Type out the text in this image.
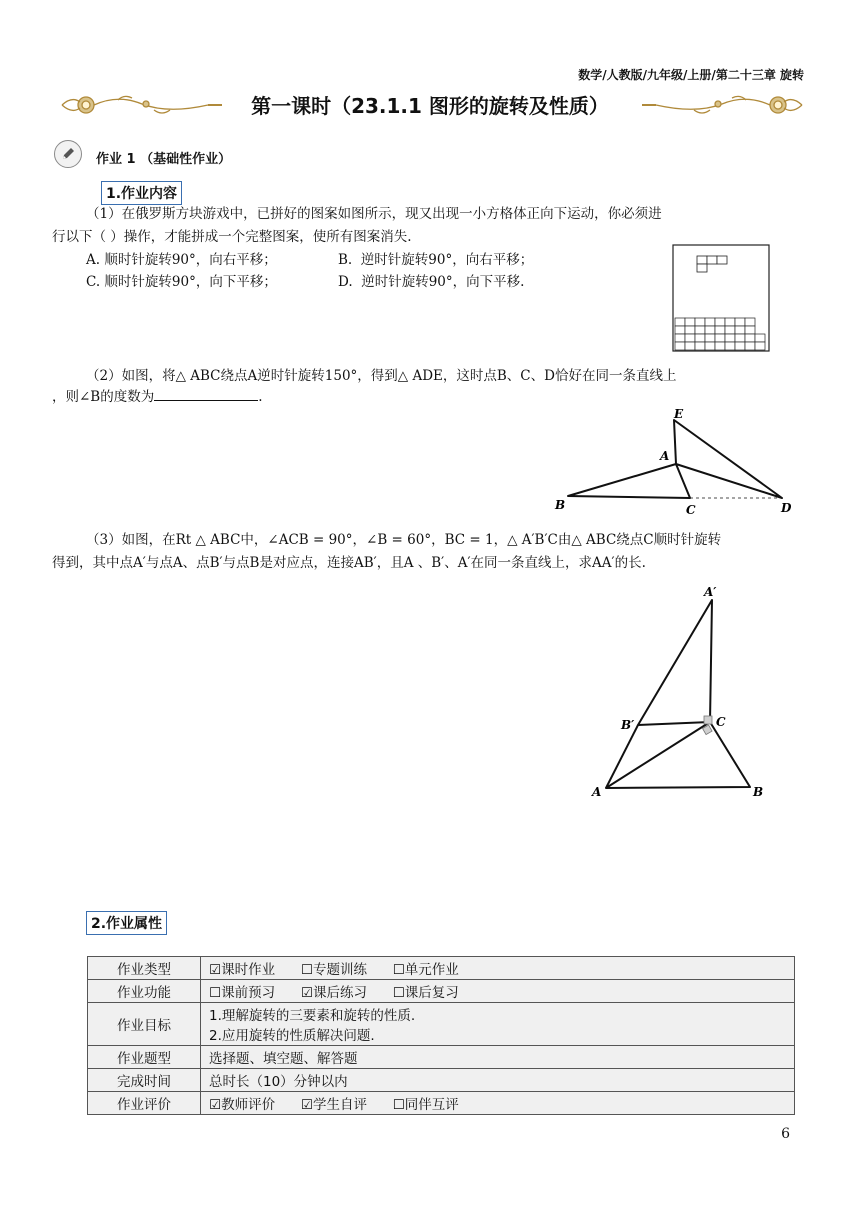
数学/人教版/九年级/上册/第二十三章 旋转
第一课时（23.1.1 图形的旋转及性质）
作业 1 （基础性作业）
1.作业内容
（1）在俄罗斯方块游戏中，已拼好的图案如图所示，现又出现一小方格体正向下运动，你必须进
行以下（ ）操作，才能拼成一个完整图案，使所有图案消失.
A. 顺时针旋转90°，向右平移；	B.  逆时针旋转90°，向右平移；
C. 顺时针旋转90°，向下平移；	D.  逆时针旋转90°，向下平移.
（2）如图，将△ ABC绕点A逆时针旋转150°，得到△ ADE，这时点B、C、D恰好在同一条直线上
，则∠B的度数为	.
E
A
B	C	D
（3）如图，在Rt △ ABC中，∠ACB = 90°，∠B = 60°，BC = 1，△ A′B′C由△ ABC绕点C顺时针旋转
得到，其中点A′与点A、点B′与点B是对应点，连接AB′，且A 、B′、A′在同一条直线上，求AA′的长.
A′
B′	C
A	B
2.作业属性
作业类型	☑课时作业      ☐专题训练      ☐单元作业
作业功能	☐课前预习      ☑课后练习      ☐课后复习
作业目标	1.理解旋转的三要素和旋转的性质.
2.应用旋转的性质解决问题.

作业题型	选择题、填空题、解答题
完成时间	总时长（10）分钟以内
作业评价	☑教师评价      ☑学生自评      ☐同伴互评
6
